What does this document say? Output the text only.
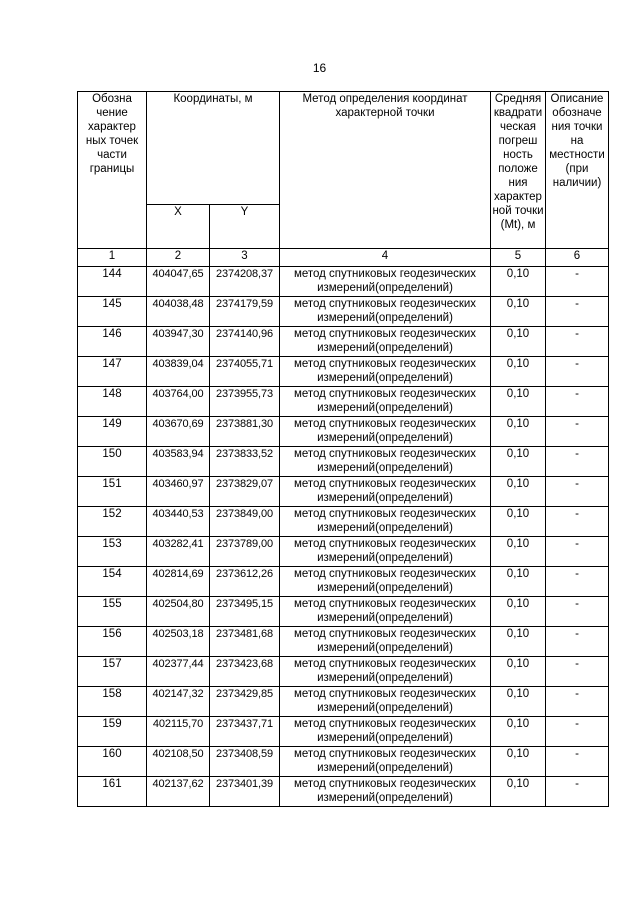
16
Обозна чение характер ных точек части границы	Координаты, м		Метод определения координат характерной точки	Средняя квадрати ческая погреш ность положе ния характер ной точки (Mt), м	Описание обозначе ния точки на местности (при наличии)
	X	Y			
1	2	3	4	5	6
144	404047,65	2374208,37	метод спутниковых геодезических измерений(определений)	0,10	-
145	404038,48	2374179,59	метод спутниковых геодезических измерений(определений)	0,10	-
146	403947,30	2374140,96	метод спутниковых геодезических измерений(определений)	0,10	-
147	403839,04	2374055,71	метод спутниковых геодезических измерений(определений)	0,10	-
148	403764,00	2373955,73	метод спутниковых геодезических измерений(определений)	0,10	-
149	403670,69	2373881,30	метод спутниковых геодезических измерений(определений)	0,10	-
150	403583,94	2373833,52	метод спутниковых геодезических измерений(определений)	0,10	-
151	403460,97	2373829,07	метод спутниковых геодезических измерений(определений)	0,10	-
152	403440,53	2373849,00	метод спутниковых геодезических измерений(определений)	0,10	-
153	403282,41	2373789,00	метод спутниковых геодезических измерений(определений)	0,10	-
154	402814,69	2373612,26	метод спутниковых геодезических измерений(определений)	0,10	-
155	402504,80	2373495,15	метод спутниковых геодезических измерений(определений)	0,10	-
156	402503,18	2373481,68	метод спутниковых геодезических измерений(определений)	0,10	-
157	402377,44	2373423,68	метод спутниковых геодезических измерений(определений)	0,10	-
158	402147,32	2373429,85	метод спутниковых геодезических измерений(определений)	0,10	-
159	402115,70	2373437,71	метод спутниковых геодезических измерений(определений)	0,10	-
160	402108,50	2373408,59	метод спутниковых геодезических измерений(определений)	0,10	-
161	402137,62	2373401,39	метод спутниковых геодезических измерений(определений)	0,10	-
